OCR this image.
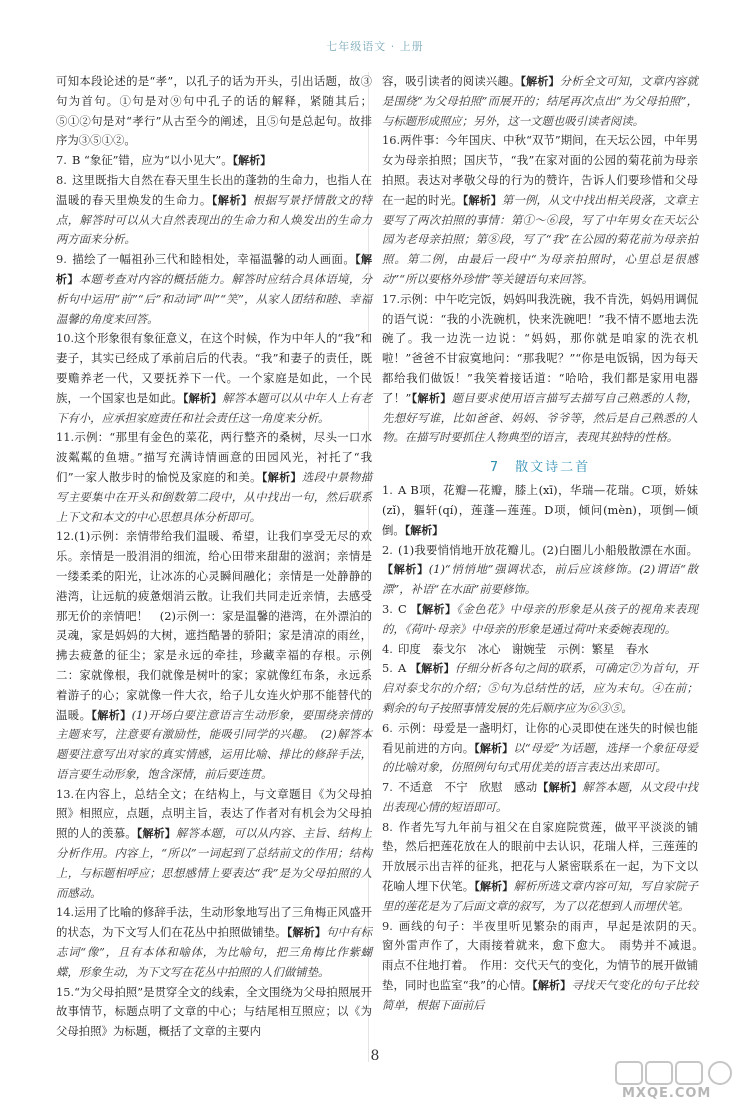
七年级语文 · 上册

可知本段论述的是“孝”，以孔子的话为开头，引出话题，故③句为首句。①句是对⑨句中孔子的话的解释，紧随其后；⑤①②句是对“孝行”从古至今的阐述，且⑤句是总起句。故排序为③⑤①②。

7. B “象征”错，应为“以小见大”。【解析】

8. 这里既指大自然在春天里生长出的蓬勃的生命力，也指人在温暖的春天里焕发的生命力。【解析】根据写景抒情散文的特点，解答时可以从大自然表现出的生命力和人焕发出的生命力两方面来分析。

9. 描绘了一幅祖孙三代和睦相处，幸福温馨的动人画面。【解析】本题考查对内容的概括能力。解答时应结合具体语境，分析句中运用“前”“后”和动词“叫”“笑”，从家人团结和睦、幸福温馨的角度来回答。

10.这个形象很有象征意义，在这个时候，作为中年人的“我”和妻子，其实已经成了承前启后的代表。“我”和妻子的责任，既要赡养老一代，又要抚养下一代。一个家庭是如此，一个民族，一个国家也是如此。【解析】解答本题可以从中年人上有老下有小，应承担家庭责任和社会责任这一角度来分析。

11.示例：“那里有金色的菜花，两行整齐的桑树，尽头一口水波粼粼的鱼塘。”描写充满诗情画意的田园风光，衬托了“我们”一家人散步时的愉悦及家庭的和美。【解析】选段中景物描写主要集中在开头和倒数第二段中，从中找出一句，然后联系上下文和本文的中心思想具体分析即可。

12.(1)示例：亲情带给我们温暖、希望，让我们享受无尽的欢乐。亲情是一股涓涓的细流，给心田带来甜甜的滋润；亲情是一缕柔柔的阳光，让冰冻的心灵瞬间融化；亲情是一处静静的港湾，让远航的疲惫烟消云散。让我们共同走近亲情，去感受那无价的亲情吧！　(2)示例一：家是温馨的港湾，在外漂泊的灵魂，家是妈妈的大树，遮挡酷暑的骄阳；家是清凉的雨丝，拂去疲惫的征尘；家是永远的牵挂，珍藏幸福的存根。示例二：家就像根，我们就像是树叶的家；家就像红布条，永远系着游子的心；家就像一件大衣，给子儿女连火炉那不能替代的温暖。【解析】(1)开场白要注意语言生动形象，要围绕亲情的主题来写，注意要有激励性，能吸引同学的兴趣。　(2)解答本题要注意写出对家的真实情感，运用比喻、排比的修辞手法，语言要生动形象，饱含深情，前后要连贯。

13.在内容上，总结全文；在结构上，与文章题目《为父母拍照》相照应，点题，点明主旨，表达了作者对有机会为父母拍照的人的羡慕。【解析】解答本题，可以从内容、主旨、结构上分析作用。内容上，“所以”一词起到了总结前文的作用；结构上，与标题相呼应；思想感情上要表达“我”是为父母拍照的人而感动。

14.运用了比喻的修辞手法，生动形象地写出了三角梅正风盛开的状态，为下文写人们在花丛中拍照做铺垫。【解析】句中有标志词“像”，且有本体和喻体，为比喻句，把三角梅比作紫蝴蝶，形象生动，为下文写在花丛中拍照的人们做铺垫。

15.“为父母拍照”是贯穿全文的线索，全文围绕为父母拍照展开故事情节，标题点明了文章的中心；与结尾相互照应；以《为父母拍照》为标题，概括了文章的主要内

容，吸引读者的阅读兴趣。【解析】分析全文可知，文章内容就是围绕“为父母拍照”而展开的；结尾再次点出“为父母拍照”，与标题形成照应；另外，这一文题也吸引读者阅读。

16.两件事：今年国庆、中秋“双节”期间，在天坛公园，中年男女为母亲拍照；国庆节，“我”在家对面的公园的菊花前为母亲拍照。表达对孝敬父母的行为的赞许，告诉人们要珍惜和父母在一起的时光。【解析】第一例，从文中找出相关段落，文章主要写了两次拍照的事情：第①～⑥段，写了中年男女在天坛公园为老母亲拍照；第⑧段，写了“我”在公园的菊花前为母亲拍照。第二例，由最后一段中“为母亲拍照时，心里总是很感动”“所以要格外珍惜”等关键语句来回答。

17.示例：中午吃完饭，妈妈叫我洗碗，我不肯洗，妈妈用调侃的语气说：“我的小洗碗机，快来洗碗吧！”我不情不愿地去洗碗了。我一边洗一边说：“妈妈，那你就是咱家的洗衣机啦！”爸爸不甘寂寞地问：“那我呢？”“你是电饭锅，因为每天都给我们做饭！”我笑着接话道：“哈哈，我们都是家用电器了！”【解析】题目要求使用语言描写去描写自己熟悉的人物，先想好写谁，比如爸爸、妈妈、爷爷等，然后是自己熟悉的人物。在描写时要抓住人物典型的语言，表现其独特的性格。

7　散文诗二首

1. A B项，花瓣—花瓣，膝上(xī)，华瑞—花瑞。C项，娇妹(zǐ)，軀轩(qí)，莲蓬—莲莲。D项，倾问(mèn)，项倒—倾倒。【解析】

2. (1)我要悄悄地开放花瓣儿。(2)白圈儿小船般散漂在水面。【解析】(1)“悄悄地”强调状态，前后应该修饰。(2)谓语“散漂”，补语“在水面”前要修饰。

3. C 【解析】《金色花》中母亲的形象是从孩子的视角来表现的，《荷叶·母亲》中母亲的形象是通过荷叶来委婉表现的。

4. 印度　泰戈尔　冰心　谢婉莹　示例：繁星　春水

5. A 【解析】仔细分析各句之间的联系，可确定⑦为首句，开启对泰戈尔的介绍；⑤句为总结性的话，应为末句。④在前；剩余的句子按照事情发展的先后顺序应为⑥③⑤。

6. 示例：母爱是一盏明灯，让你的心灵即使在迷失的时候也能看见前进的方向。【解析】以“母爱”为话题，选择一个象征母爱的比喻对象，仿照例句句式用优美的语言表达出来即可。

7. 不适意　不宁　欣慰　感动【解析】解答本题，从文段中找出表现心情的短语即可。

8. 作者先写九年前与祖父在自家庭院赏莲，做平平淡淡的铺垫，然后把莲花放在人的眼前中去认识，花瑞人样，三莲莲的开放展示出吉祥的征兆，把花与人紧密联系在一起，为下文以花喻人埋下伏笔。【解析】解析所选文章内容可知，写自家院子里的莲花是为了后面文章的叙写，为了以花想到人而埋伏笔。

9. 画线的句子：半夜里听见繁杂的雨声，早起是浓阴的天。　窗外雷声作了，大雨接着就来，愈下愈大。　雨势并不减退。　雨点不住地打着。　作用：交代天气的变化，为情节的展开做铺垫，同时也监室“我”的心情。【解析】寻找天气变化的句子比较简单，根据下面前后

8
MXQE.COM
